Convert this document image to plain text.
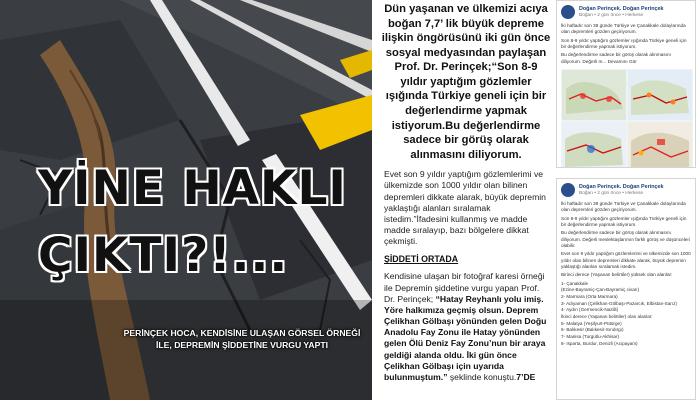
YİNE HAKLI
ÇIKTI?!...
PERİNÇEK HOCA, KENDİSİNE ULAŞAN GÖRSEL ÖRNEĞİ İLE, DEPREMİN ŞİDDETİNE VURGU YAPTI
Dün yaşanan ve ülkemizi acıya boğan 7,7’ lik büyük depreme ilişkin öngörüsünü iki gün önce sosyal medyasından paylaşan Prof. Dr. Perinçek;“Son 8-9 yıldır yaptığım gözlemler ışığında Türkiye geneli için bir değerlendirme yapmak istiyorum.Bu değerlendirme sadece bir görüş olarak alınmasını diliyorum.
Evet son 9 yıldır yaptığım gözlemlerimi ve ülkemizde son 1000 yıldır olan bilinen depremleri dikkate alarak, büyük depremin yaklaştığı alanları sıralamak istedim.”İfadesini kullanmış ve madde madde sıralayıp, bazı bölgelere dikkat çekmişti.
ŞİDDETİ ORTADA
Kendisine ulaşan bir fotoğraf karesi örneği ile Depremin şiddetine vurgu yapan Prof. Dr. Perinçek; “Hatay Reyhanlı yolu imiş. Yöre halkımıza geçmiş olsun. Deprem Çelikhan Gölbaşı yönünden gelen Doğu Anadolu Fay Zonu ile Hatay yönünden gelen Ölü Deniz Fay Zonu’nun bir araya geldiği alanda oldu. İki gün önce Çelikhan Gölbaşı için uyarıda bulunmuştum.” şeklinde konuştu.7’DE
Doğan Perinçek. Doğan Perinçek
Boğan • 2 gün önce • Herkese

İki haftadır son 38 günde Türkiye ve Çanakkale dolaylarında olan depremleri gözden geçiriyorum.

Son 8-9 yıldır yaptığım gözlemler ışığında Türkiye geneli için bir değerlendirme yapmak istiyorum.

Bu değerlendirme sadece bir görüş olarak alınmasını diliyorum. Değerli m... Devamını Gör

Doğan Perinçek. Doğan Perinçek
Boğan • 2 gün önce • Herkese

İki haftadır son 38 günde Türkiye ve Çanakkale dolaylarında olan depremleri gözden geçiriyorum.

Son 8-9 yıldır yaptığım gözlemler ışığında Türkiye geneli için bir değerlendirme yapmak istiyorum.

Bu değerlendirme sadece bir görüş olarak alınmasını diliyorum. Değerli meslektaşlarımın farklı görüş ve düşünceleri olabilir.

Evet son 9 yıldır yaptığım gözlemlerimi ve ülkemizde son 1000 yıldır olan bilinen depremleri dikkate alarak, büyük depremin yaklaştığı alanları sıralamak istedim.

Birinci derece (Yaşanan belirtiler) yüksek olan alanlar:

1- Çanakkale
(Ezine-Bayramiç-Çan-Bayramiç civarı)
2- Marmara (Orta Marmara)
3- Adıyaman (Çelikhan-Gölbaşı-Pazarcık, Elbistan-Sarız)
4- Aydın (Germencik-Nazilli)
İkinci derece (Yaşanan belirtiler) olan alanlar:
5- Malatya (Yeşilyurt-Pütürge)
6- Balıkesir (Balıkesir-Sındırgı)
7- Manisa (Turgutlu-Akhisar)
8- Isparta, Burdur, Denizli (Acıpayam)
